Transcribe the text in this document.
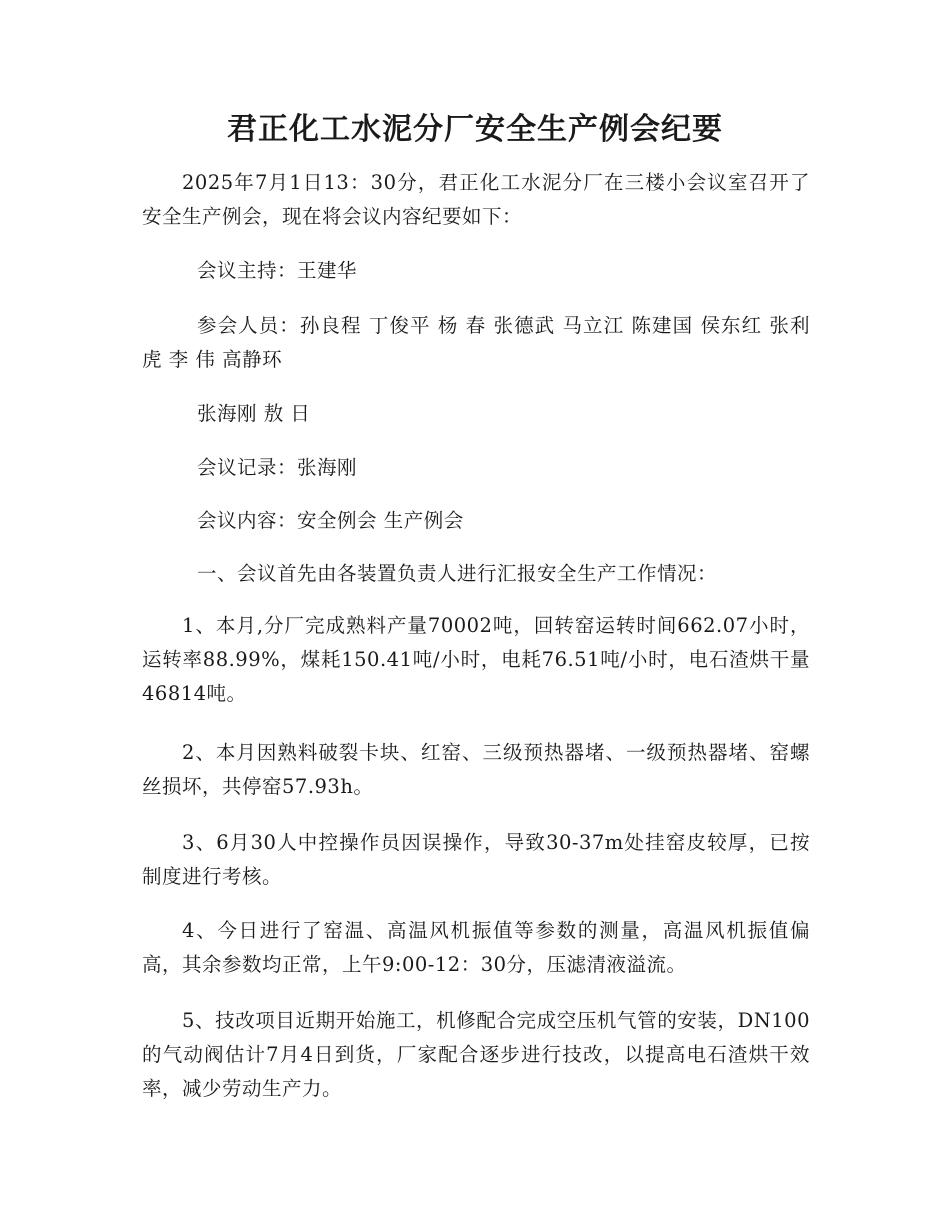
君正化工水泥分厂安全生产例会纪要

2025年7月1日13：30分，君正化工水泥分厂在三楼小会议室召开了安全生产例会，现在将会议内容纪要如下：

会议主持：王建华

参会人员：孙良程 丁俊平 杨 春 张德武 马立江 陈建国 侯东红 张利虎 李 伟 高静环

张海刚 敖 日

会议记录：张海刚

会议内容：安全例会 生产例会

一、会议首先由各装置负责人进行汇报安全生产工作情况：

1、本月,分厂完成熟料产量70002吨，回转窑运转时间662.07小时，运转率88.99%，煤耗150.41吨/小时，电耗76.51吨/小时，电石渣烘干量46814吨。

2、本月因熟料破裂卡块、红窑、三级预热器堵、一级预热器堵、窑螺丝损坏，共停窑57.93h。

3、6月30人中控操作员因误操作，导致30-37m处挂窑皮较厚，已按制度进行考核。

4、今日进行了窑温、高温风机振值等参数的测量，高温风机振值偏高，其余参数均正常，上午9:00-12：30分，压滤清液溢流。

5、技改项目近期开始施工，机修配合完成空压机气管的安装，DN100的气动阀估计7月4日到货，厂家配合逐步进行技改，以提高电石渣烘干效率，减少劳动生产力。
